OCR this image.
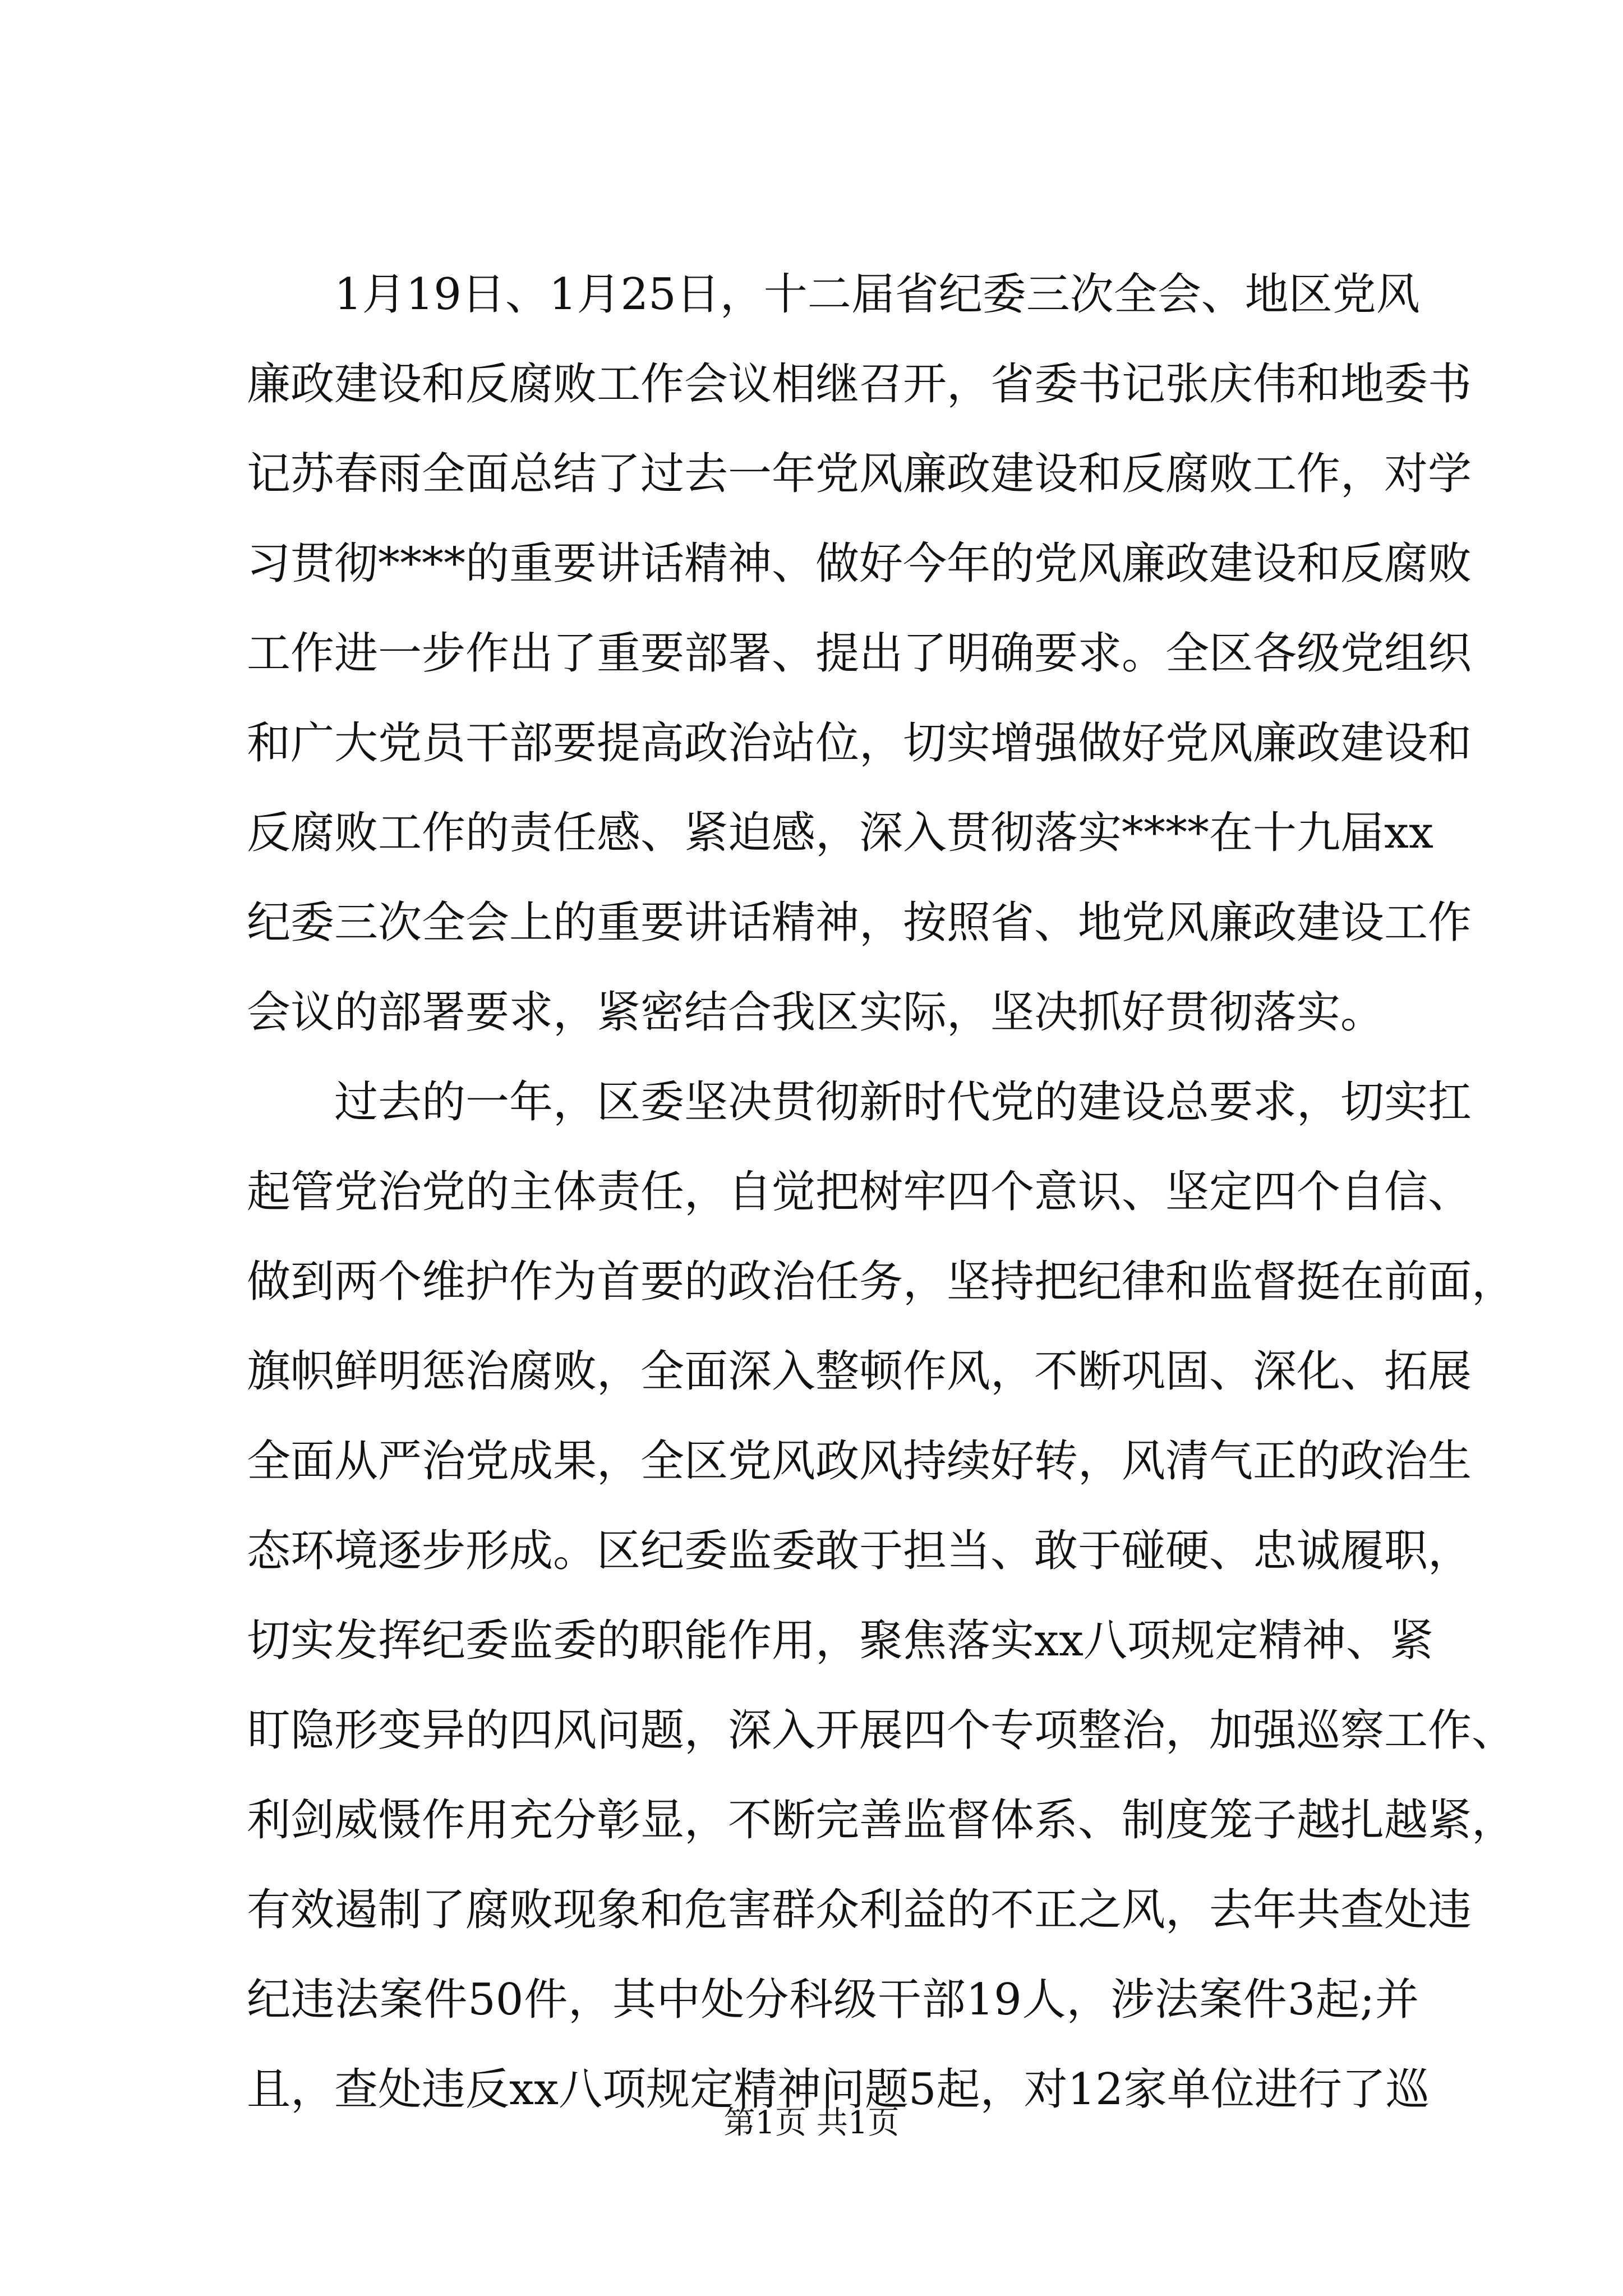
1月19日、1月25日，十二届省纪委三次全会、地区党风
廉政建设和反腐败工作会议相继召开，省委书记张庆伟和地委书
记苏春雨全面总结了过去一年党风廉政建设和反腐败工作，对学
习贯彻****的重要讲话精神、做好今年的党风廉政建设和反腐败
工作进一步作出了重要部署、提出了明确要求。全区各级党组织
和广大党员干部要提高政治站位，切实增强做好党风廉政建设和
反腐败工作的责任感、紧迫感，深入贯彻落实****在十九届xx
纪委三次全会上的重要讲话精神，按照省、地党风廉政建设工作
会议的部署要求，紧密结合我区实际，坚决抓好贯彻落实。
过去的一年，区委坚决贯彻新时代党的建设总要求，切实扛
起管党治党的主体责任，自觉把树牢四个意识、坚定四个自信、
做到两个维护作为首要的政治任务，坚持把纪律和监督挺在前面，
旗帜鲜明惩治腐败，全面深入整顿作风，不断巩固、深化、拓展
全面从严治党成果，全区党风政风持续好转，风清气正的政治生
态环境逐步形成。区纪委监委敢于担当、敢于碰硬、忠诚履职，
切实发挥纪委监委的职能作用，聚焦落实xx八项规定精神、紧
盯隐形变异的四风问题，深入开展四个专项整治，加强巡察工作、
利剑威慑作用充分彰显，不断完善监督体系、制度笼子越扎越紧，
有效遏制了腐败现象和危害群众利益的不正之风，去年共查处违
纪违法案件50件，其中处分科级干部19人，涉法案件3起;并
且，查处违反xx八项规定精神问题5起，对12家单位进行了巡
第1页 共1页
